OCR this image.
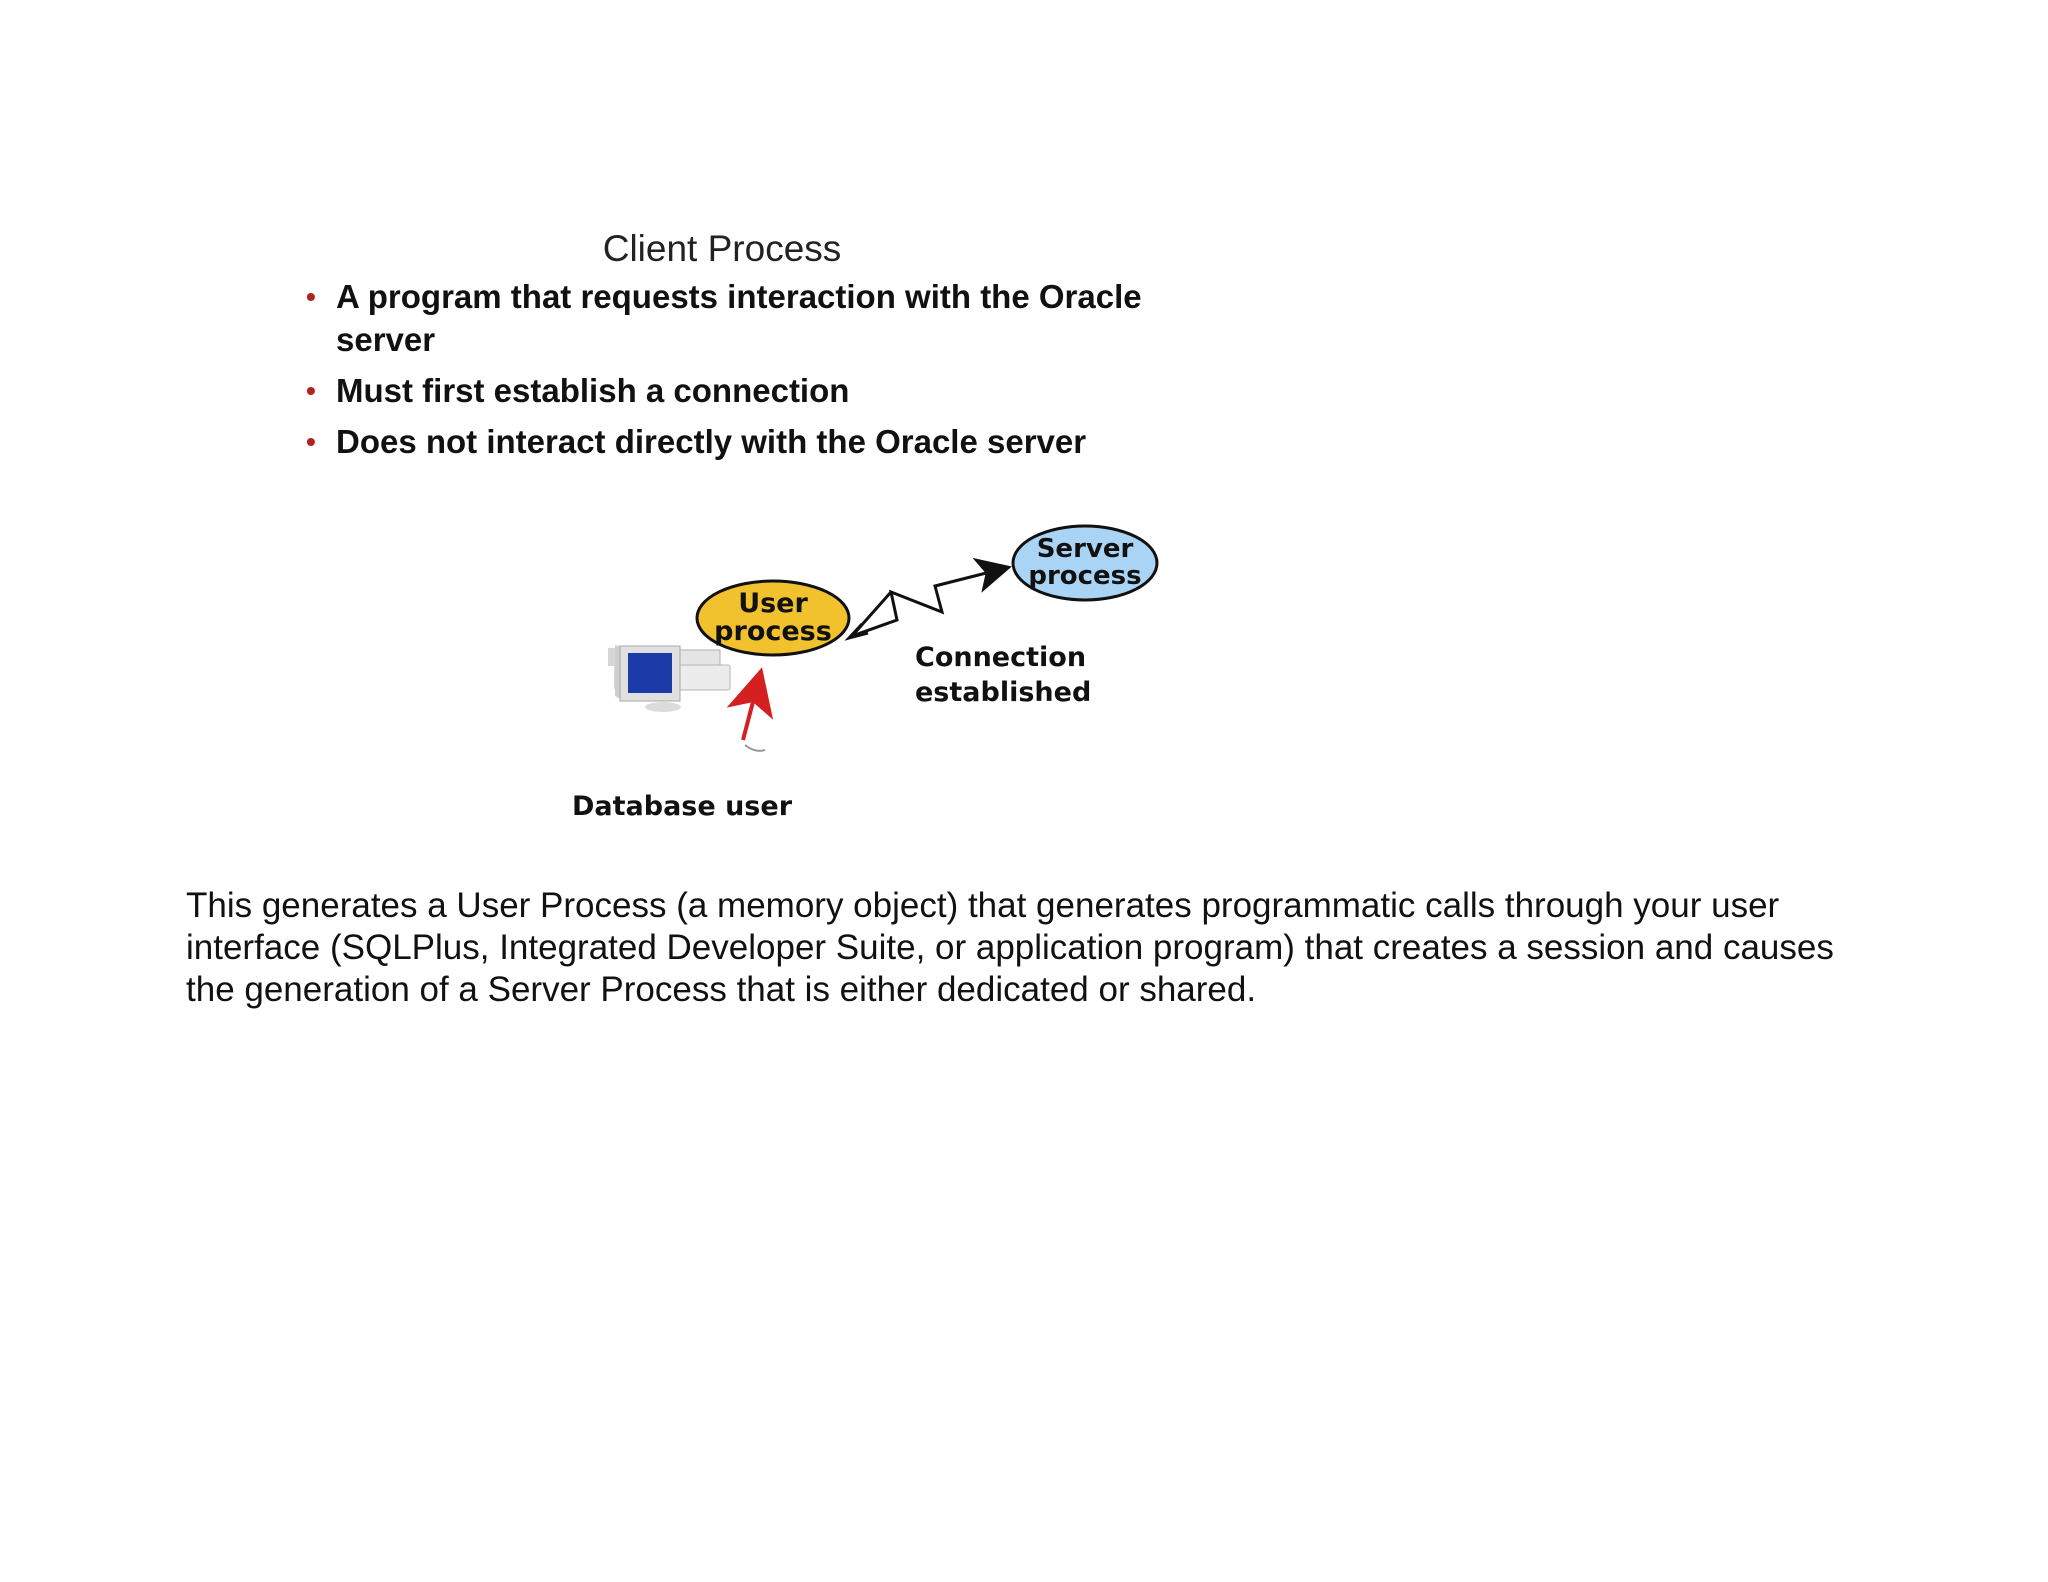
Client Process
• A program that requests interaction with the Oracle server
• Must first establish a connection
• Does not interact directly with the Oracle server
User
process
Server
process
Connection
established
Database user

This generates a User Process (a memory object) that generates programmatic calls through your user interface (SQLPlus, Integrated Developer Suite, or application program) that creates a session and causes the generation of a Server Process that is either dedicated or shared.
